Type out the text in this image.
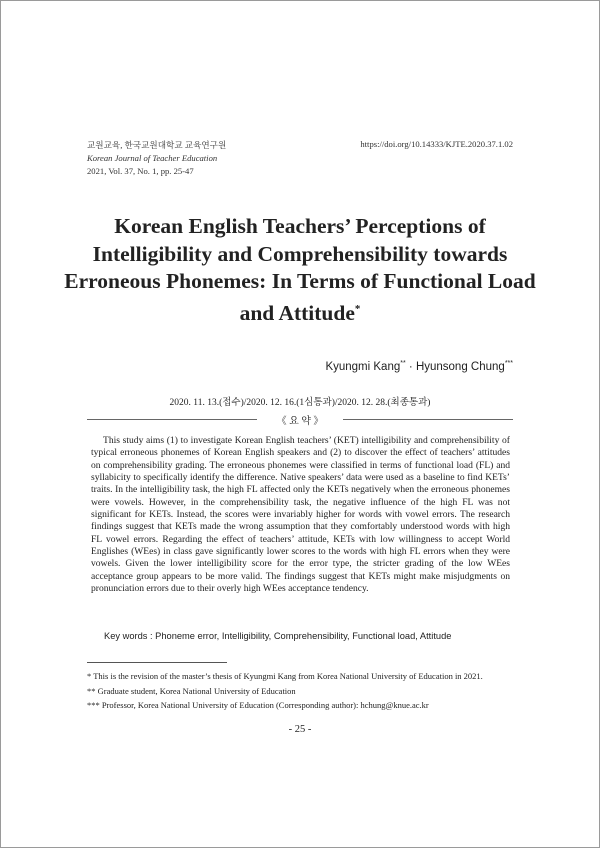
교원교육, 한국교원대학교 교육연구원
Korean Journal of Teacher Education
2021, Vol. 37, No. 1, pp. 25-47
https://doi.org/10.14333/KJTE.2020.37.1.02
Korean English Teachers’ Perceptions of Intelligibility and Comprehensibility towards Erroneous Phonemes: In Terms of Functional Load and Attitude*
Kyungmi Kang** · Hyunsong Chung***
2020. 11. 13.(접수)/2020. 12. 16.(1심통과)/2020. 12. 28.(최종통과)
《 요 약 》

This study aims (1) to investigate Korean English teachers’ (KET) intelligibility and comprehensibility of typical erroneous phonemes of Korean English speakers and (2) to discover the effect of teachers’ attitudes on comprehensibility grading. The erroneous phonemes were classified in terms of functional load (FL) and syllabicity to specifically identify the difference. Native speakers’ data were used as a baseline to find KETs’ traits. In the intelligibility task, the high FL affected only the KETs negatively when the erroneous phonemes were vowels. However, in the comprehensibility task, the negative influence of the high FL was not significant for KETs. Instead, the scores were invariably higher for words with vowel errors. The research findings suggest that KETs made the wrong assumption that they comfortably understood words with high FL vowel errors. Regarding the effect of teachers’ attitude, KETs with low willingness to accept World Englishes (WEes) in class gave significantly lower scores to the words with high FL errors when they were vowels. Given the lower intelligibility score for the error type, the stricter grading of the low WEes acceptance group appears to be more valid. The findings suggest that KETs might make misjudgments on pronunciation errors due to their overly high WEes acceptance tendency.

Key words : Phoneme error, Intelligibility, Comprehensibility, Functional load, Attitude
* This is the revision of the master’s thesis of Kyungmi Kang from Korea National University of Education in 2021.
** Graduate student, Korea National University of Education
*** Professor, Korea National University of Education (Corresponding author): hchung@knue.ac.kr
- 25 -
